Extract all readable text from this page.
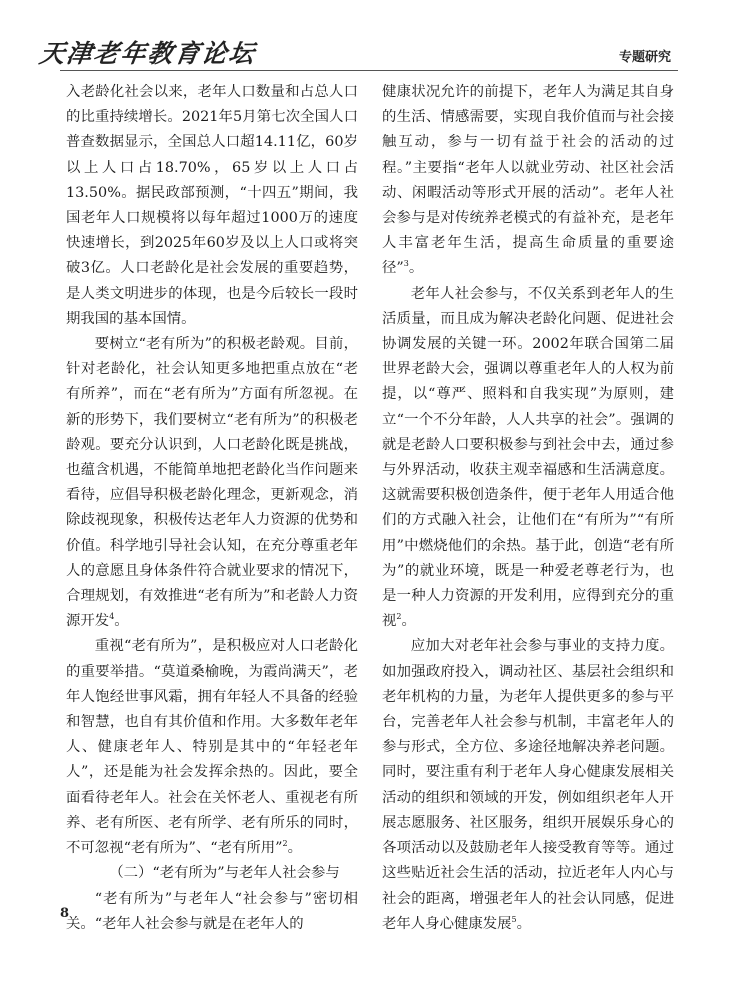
天津老年教育论坛	专题研究

入老龄化社会以来，老年人口数量和占总人口的比重持续增长。2021年5月第七次全国人口普查数据显示，全国总人口超14.11亿，60岁以上人口占18.70%，65岁以上人口占13.50%。据民政部预测，“十四五”期间，我国老年人口规模将以每年超过1000万的速度快速增长，到2025年60岁及以上人口或将突破3亿。人口老龄化是社会发展的重要趋势，是人类文明进步的体现，也是今后较长一段时期我国的基本国情。

要树立“老有所为”的积极老龄观。目前，针对老龄化，社会认知更多地把重点放在“老有所养”，而在“老有所为”方面有所忽视。在新的形势下，我们要树立“老有所为”的积极老龄观。要充分认识到，人口老龄化既是挑战，也蕴含机遇，不能简单地把老龄化当作问题来看待，应倡导积极老龄化理念，更新观念，消除歧视现象，积极传达老年人力资源的优势和价值。科学地引导社会认知，在充分尊重老年人的意愿且身体条件符合就业要求的情况下，合理规划，有效推进“老有所为”和老龄人力资源开发$^4$。

重视“老有所为”，是积极应对人口老龄化的重要举措。“莫道桑榆晚，为霞尚满天”，老年人饱经世事风霜，拥有年轻人不具备的经验和智慧，也自有其价值和作用。大多数年老年人、健康老年人、特别是其中的“年轻老年人”，还是能为社会发挥余热的。因此，要全面看待老年人。社会在关怀老人、重视老有所养、老有所医、老有所学、老有所乐的同时，不可忽视“老有所为”、“老有所用”$^2$。

（二）“老有所为”与老年人社会参与

“老有所为”与老年人“社会参与”密切相关。“老年人社会参与就是在老年人的

健康状况允许的前提下，老年人为满足其自身的生活、情感需要，实现自我价值而与社会接触互动，参与一切有益于社会的活动的过程。”主要指“老年人以就业劳动、社区社会活动、闲暇活动等形式开展的活动”。老年人社会参与是对传统养老模式的有益补充，是老年人丰富老年生活，提高生命质量的重要途径”$^3$。

老年人社会参与，不仅关系到老年人的生活质量，而且成为解决老龄化问题、促进社会协调发展的关键一环。2002年联合国第二届世界老龄大会，强调以尊重老年人的人权为前提，以“尊严、照料和自我实现”为原则，建立“一个不分年龄，人人共享的社会”。强调的就是老龄人口要积极参与到社会中去，通过参与外界活动，收获主观幸福感和生活满意度。这就需要积极创造条件，便于老年人用适合他们的方式融入社会，让他们在“有所为”“有所用”中燃烧他们的余热。基于此，创造“老有所为”的就业环境，既是一种爱老尊老行为，也是一种人力资源的开发利用，应得到充分的重视$^2$。

应加大对老年社会参与事业的支持力度。如加强政府投入，调动社区、基层社会组织和老年机构的力量，为老年人提供更多的参与平台，完善老年人社会参与机制，丰富老年人的参与形式，全方位、多途径地解决养老问题。同时，要注重有利于老年人身心健康发展相关活动的组织和领域的开发，例如组织老年人开展志愿服务、社区服务，组织开展娱乐身心的各项活动以及鼓励老年人接受教育等等。通过这些贴近社会生活的活动，拉近老年人内心与社会的距离，增强老年人的社会认同感，促进老年人身心健康发展$^5$。

8
